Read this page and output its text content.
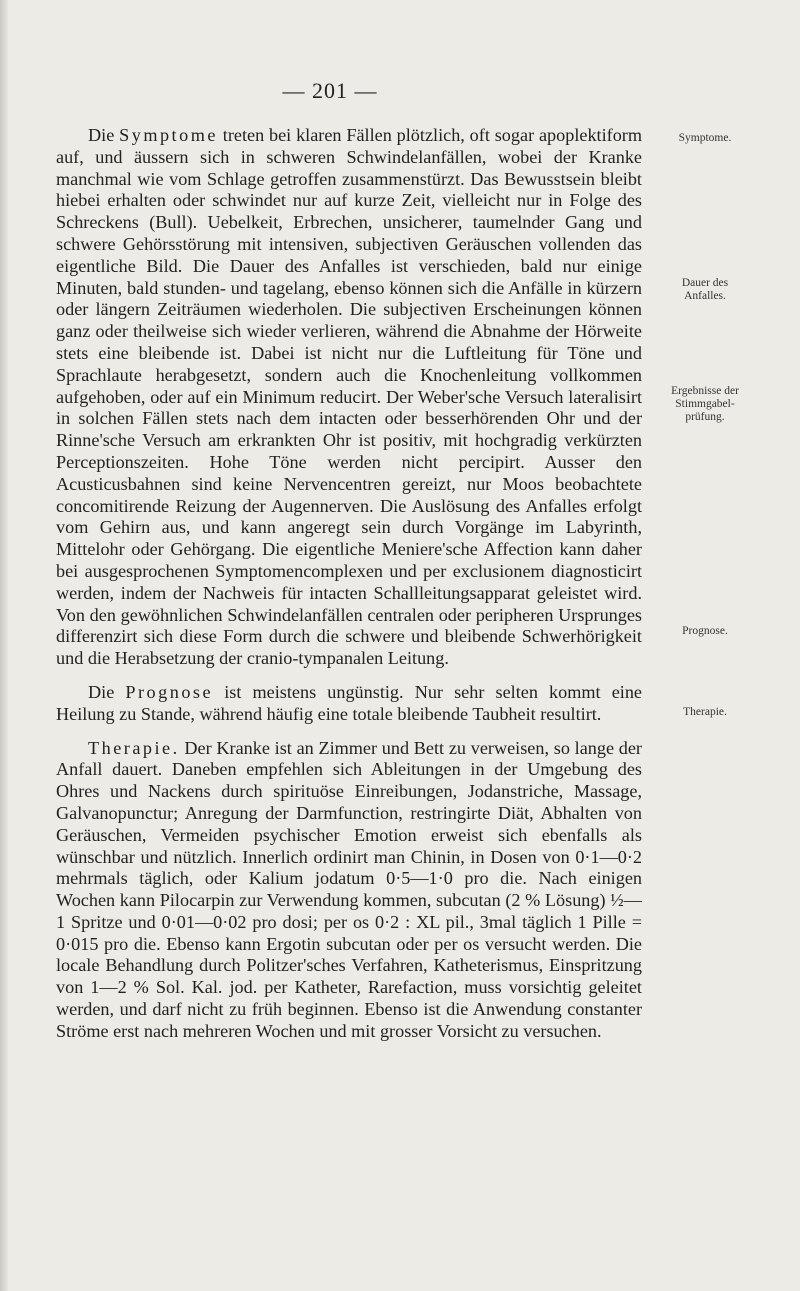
— 201 —

Die Symptome treten bei klaren Fällen plötzlich, oft sogar apoplektiform auf, und äussern sich in schweren Schwindelanfällen, wobei der Kranke manchmal wie vom Schlage getroffen zusammenstürzt. Das Bewusstsein bleibt hiebei erhalten oder schwindet nur auf kurze Zeit, vielleicht nur in Folge des Schreckens (Bull). Uebelkeit, Erbrechen, unsicherer, taumelnder Gang und schwere Gehörsstörung mit intensiven, subjectiven Geräuschen vollenden das eigentliche Bild. Die Dauer des Anfalles ist verschieden, bald nur einige Minuten, bald stunden- und tagelang, ebenso können sich die Anfälle in kürzern oder längern Zeiträumen wiederholen. Die subjectiven Erscheinungen können ganz oder theilweise sich wieder verlieren, während die Abnahme der Hörweite stets eine bleibende ist. Dabei ist nicht nur die Luftleitung für Töne und Sprachlaute herabgesetzt, sondern auch die Knochenleitung vollkommen aufgehoben, oder auf ein Minimum reducirt. Der Weber'sche Versuch lateralisirt in solchen Fällen stets nach dem intacten oder besserhörenden Ohr und der Rinne'sche Versuch am erkrankten Ohr ist positiv, mit hochgradig verkürzten Perceptionszeiten. Hohe Töne werden nicht percipirt. Ausser den Acusticusbahnen sind keine Nervencentren gereizt, nur Moos beobachtete concomitirende Reizung der Augennerven. Die Auslösung des Anfalles erfolgt vom Gehirn aus, und kann angeregt sein durch Vorgänge im Labyrinth, Mittelohr oder Gehörgang. Die eigentliche Meniere'sche Affection kann daher bei ausgesprochenen Symptomencomplexen und per exclusionem diagnosticirt werden, indem der Nachweis für intacten Schallleitungsapparat geleistet wird. Von den gewöhnlichen Schwindelanfällen centralen oder peripheren Ursprunges differenzirt sich diese Form durch die schwere und bleibende Schwerhörigkeit und die Herabsetzung der cranio-tympanalen Leitung.

Die Prognose ist meistens ungünstig. Nur sehr selten kommt eine Heilung zu Stande, während häufig eine totale bleibende Taubheit resultirt.

Therapie. Der Kranke ist an Zimmer und Bett zu verweisen, so lange der Anfall dauert. Daneben empfehlen sich Ableitungen in der Umgebung des Ohres und Nackens durch spirituöse Einreibungen, Jodanstriche, Massage, Galvanopunctur; Anregung der Darmfunction, restringirte Diät, Abhalten von Geräuschen, Vermeiden psychischer Emotion erweist sich ebenfalls als wünschbar und nützlich. Innerlich ordinirt man Chinin, in Dosen von 0·1—0·2 mehrmals täglich, oder Kalium jodatum 0·5—1·0 pro die. Nach einigen Wochen kann Pilocarpin zur Verwendung kommen, subcutan (2 % Lösung) ½—1 Spritze und 0·01—0·02 pro dosi; per os 0·2 : XL pil., 3mal täglich 1 Pille = 0·015 pro die. Ebenso kann Ergotin subcutan oder per os versucht werden. Die locale Behandlung durch Politzer'sches Verfahren, Katheterismus, Einspritzung von 1—2 % Sol. Kal. jod. per Katheter, Rarefaction, muss vorsichtig geleitet werden, und darf nicht zu früh beginnen. Ebenso ist die Anwendung constanter Ströme erst nach mehreren Wochen und mit grosser Vorsicht zu versuchen.

Symptome.
Dauer des Anfalles.
Ergebnisse der Stimmgabelprüfung.
Prognose.
Therapie.
